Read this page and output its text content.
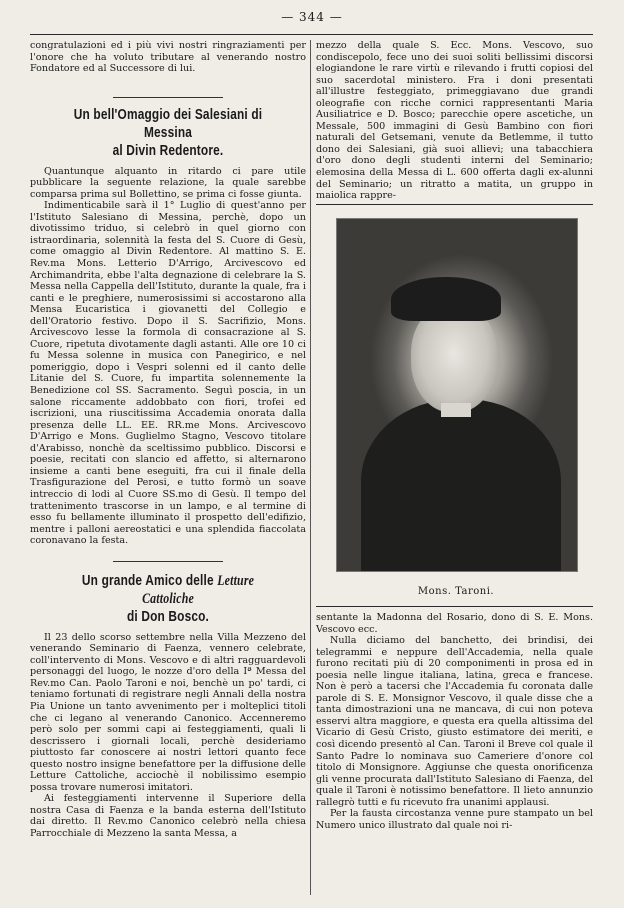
— 344 —

congratulazioni ed i più vivi nostri ringraziamenti per l'onore che ha voluto tributare al venerando nostro Fondatore ed al Successore di lui.

Un bell'Omaggio dei Salesiani di Messina
al Divin Redentore.

Quantunque alquanto in ritardo ci pare utile pubblicare la seguente relazione, la quale sarebbe comparsa prima sul Bollettino, se prima ci fosse giunta.

Indimenticabile sarà il 1° Luglio di quest'anno per l'Istituto Salesiano di Messina, perchè, dopo un divotissimo triduo, si celebrò in quel giorno con istraordinaria, solennità la festa del S. Cuore di Gesù, come omaggio al Divin Redentore. Al mattino S. E. Rev.ma Mons. Letterio D'Arrigo, Arcivescovo ed Archimandrita, ebbe l'alta degnazione di celebrare la S. Messa nella Cappella dell'Istituto, durante la quale, fra i canti e le preghiere, numerosissimi si accostarono alla Mensa Eucaristica i giovanetti del Collegio e dell'Oratorio festivo. Dopo il S. Sacrifizio, Mons. Arcivescovo lesse la formola di consacrazione al S. Cuore, ripetuta divotamente dagli astanti. Alle ore 10 ci fu Messa solenne in musica con Panegirico, e nel pomeriggio, dopo i Vespri solenni ed il canto delle Litanie del S. Cuore, fu impartita solennemente la Benedizione col SS. Sacramento. Seguì poscia, in un salone riccamente addobbato con fiori, trofei ed iscrizioni, una riuscitissima Accademia onorata dalla presenza delle LL. EE. RR.me Mons. Arcivescovo D'Arrigo e Mons. Guglielmo Stagno, Vescovo titolare d'Arabisso, nonchè da sceltissimo pubblico. Discorsi e poesie, recitati con slancio ed affetto, si alternarono insieme a canti bene eseguiti, fra cui il finale della Trasfigurazione del Perosi, e tutto formò un soave intreccio di lodi al Cuore SS.mo di Gesù. Il tempo del trattenimento trascorse in un lampo, e al termine di esso fu bellamente illuminato il prospetto dell'edifizio, mentre i palloni aereostatici e una splendida fiaccolata coronavano la festa.

Un grande Amico delle Letture Cattoliche
di Don Bosco.

Il 23 dello scorso settembre nella Villa Mezzeno del venerando Seminario di Faenza, vennero celebrate, coll'intervento di Mons. Vescovo e di altri ragguardevoli personaggi del luogo, le nozze d'oro della Iª Messa del Rev.mo Can. Paolo Taroni e noi, benchè un po' tardi, ci teniamo fortunati di registrare negli Annali della nostra Pia Unione un tanto avvenimento per i molteplici titoli che ci legano al venerando Canonico. Accenneremo però solo per sommi capi ai festeggiamenti, quali li descrissero i giornali locali, perchè desideriamo piuttosto far conoscere ai nostri lettori quanto fece questo nostro insigne benefattore per la diffusione delle Letture Cattoliche, acciochè il nobilissimo esempio possa trovare numerosi imitatori.

Ai festeggiamenti intervenne il Superiore della nostra Casa di Faenza e la banda esterna dell'Istituto dai diretto. Il Rev.mo Canonico celebrò nella chiesa Parrocchiale di Mezzeno la santa Messa, a

mezzo della quale S. Ecc. Mons. Vescovo, suo condiscepolo, fece uno dei suoi soliti bellissimi discorsi elogiandone le rare virtù e rilevando i frutti copiosi del suo sacerdotal ministero. Fra i doni presentati all'illustre festeggiato, primeggiavano due grandi oleografie con ricche cornici rappresentanti Maria Ausiliatrice e D. Bosco; parecchie opere ascetiche, un Messale, 500 immagini di Gesù Bambino con fiori naturali del Getsemani, venute da Betlemme, il tutto dono dei Salesiani, già suoi allievi; una tabacchiera d'oro dono degli studenti interni del Seminario; elemosina della Messa di L. 600 offerta dagli ex-alunni del Seminario; un ritratto a matita, un gruppo in maiolica rappre-

Mons. Taroni.

sentante la Madonna del Rosario, dono di S. E. Mons. Vescovo ecc.

Nulla diciamo del banchetto, dei brindisi, dei telegrammi e neppure dell'Accademia, nella quale furono recitati più di 20 componimenti in prosa ed in poesia nelle lingue italiana, latina, greca e francese. Non è però a tacersi che l'Accademia fu coronata dalle parole di S. E. Monsignor Vescovo, il quale disse che a tanta dimostrazioni una ne mancava, di cui non poteva esservi altra maggiore, e questa era quella altissima del Vicario di Gesù Cristo, giusto estimatore dei meriti, e così dicendo presentò al Can. Taroni il Breve col quale il Santo Padre lo nominava suo Cameriere d'onore col titolo di Monsignore. Aggiunse che questa onorificenza gli venne procurata dall'Istituto Salesiano di Faenza, del quale il Taroni è notissimo benefattore. Il lieto annunzio rallegrò tutti e fu ricevuto fra unanimi applausi.

Per la fausta circostanza venne pure stampato un bel Numero unico illustrato dal quale noi ri-
